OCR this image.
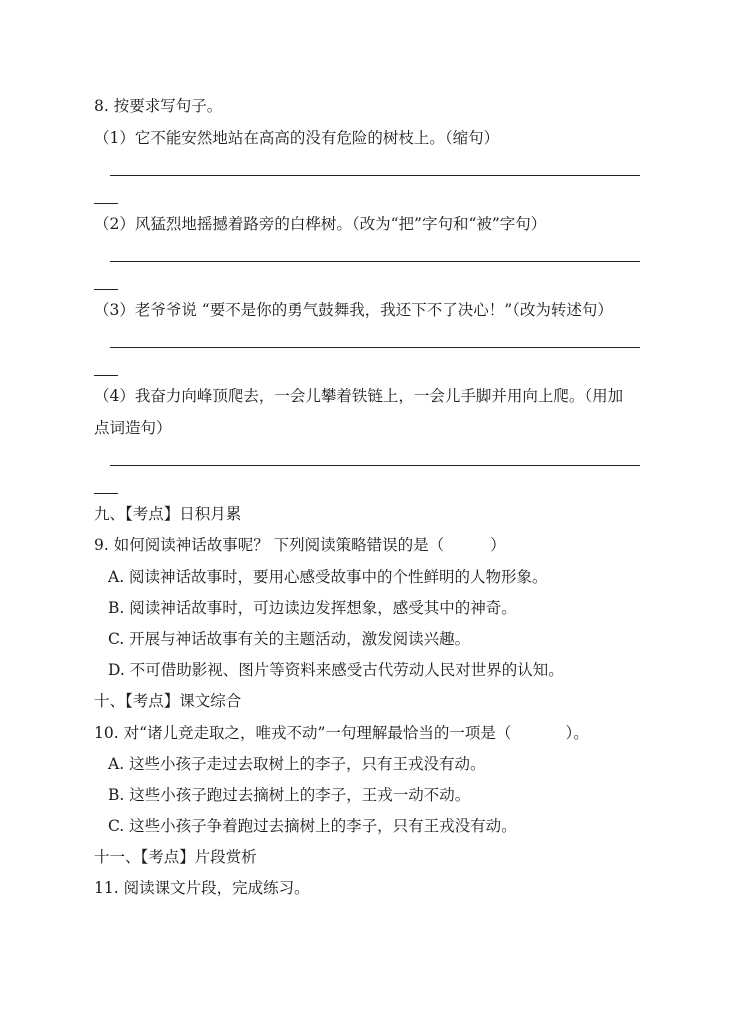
8. 按要求写句子。
（1）它不能安然地站在高高的没有危险的树枝上。（缩句）
（2）风猛烈地摇撼着路旁的白桦树。（改为“把”字句和“被”字句）
（3）老爷爷说 “要不是你的勇气鼓舞我，我还下不了决心！”（改为转述句）
（4）我奋力向峰顶爬去，一会儿攀着铁链上，一会儿手脚并用向上爬。（用加
点词造句）
九、【考点】日积月累
9. 如何阅读神话故事呢？ 下列阅读策略错误的是（	）
A. 阅读神话故事时，要用心感受故事中的个性鲜明的人物形象。
B. 阅读神话故事时，可边读边发挥想象，感受其中的神奇。
C. 开展与神话故事有关的主题活动，激发阅读兴趣。
D. 不可借助影视、图片等资料来感受古代劳动人民对世界的认知。
十、【考点】课文综合
10. 对“诸儿竞走取之，唯戎不动”一句理解最恰当的一项是（	）。
A. 这些小孩子走过去取树上的李子，只有王戎没有动。
B. 这些小孩子跑过去摘树上的李子，王戎一动不动。
C. 这些小孩子争着跑过去摘树上的李子，只有王戎没有动。
十一、【考点】片段赏析
11. 阅读课文片段，完成练习。
